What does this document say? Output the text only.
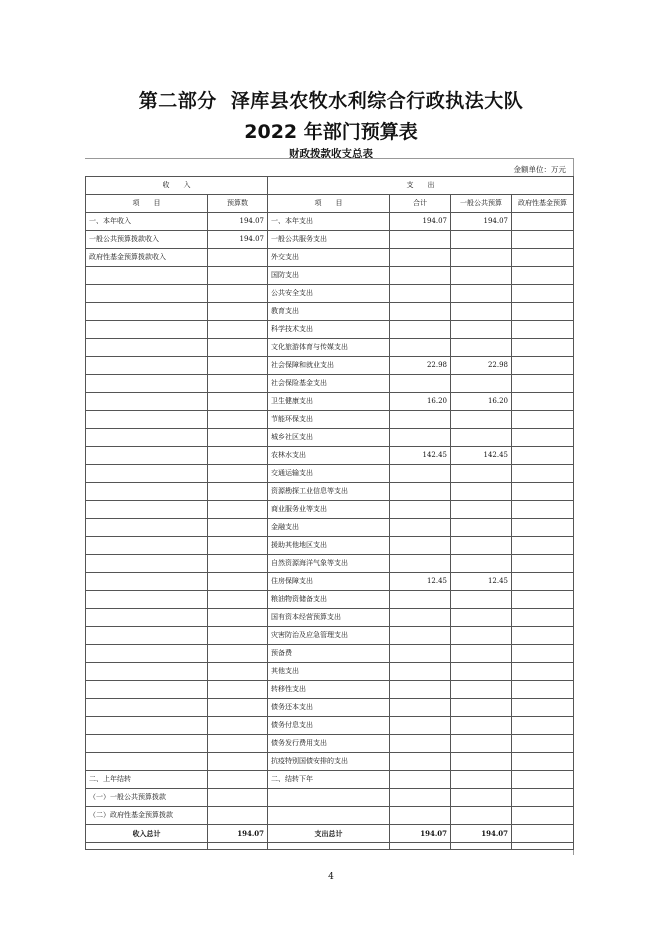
第二部分 泽库县农牧水利综合行政执法大队
2022 年部门预算表
财政拨款收支总表
金额单位：万元
收　　入		支　　出			
项　　目	预算数	项　　目	合计	一般公共预算	政府性基金预算
一、本年收入	194.07	一、本年支出	194.07	194.07	
一般公共预算拨款收入	194.07	一般公共服务支出			
政府性基金预算拨款收入		外交支出			
		国防支出			
		公共安全支出			
		教育支出			
		科学技术支出			
		文化旅游体育与传媒支出			
		社会保障和就业支出	22.98	22.98	
		社会保险基金支出			
		卫生健康支出	16.20	16.20	
		节能环保支出			
		城乡社区支出			
		农林水支出	142.45	142.45	
		交通运输支出			
		资源勘探工业信息等支出			
		商业服务业等支出			
		金融支出			
		援助其他地区支出			
		自然资源海洋气象等支出			
		住房保障支出	12.45	12.45	
		粮油物资储备支出			
		国有资本经营预算支出			
		灾害防治及应急管理支出			
		预备费			
		其他支出			
		转移性支出			
		债务还本支出			
		债务付息支出			
		债务发行费用支出			
		抗疫特别国债安排的支出			
二、上年结转		二、结转下年			
（一）一般公共预算拨款					
（二）政府性基金预算拨款					
收入总计	194.07	支出总计	194.07	194.07	

4
